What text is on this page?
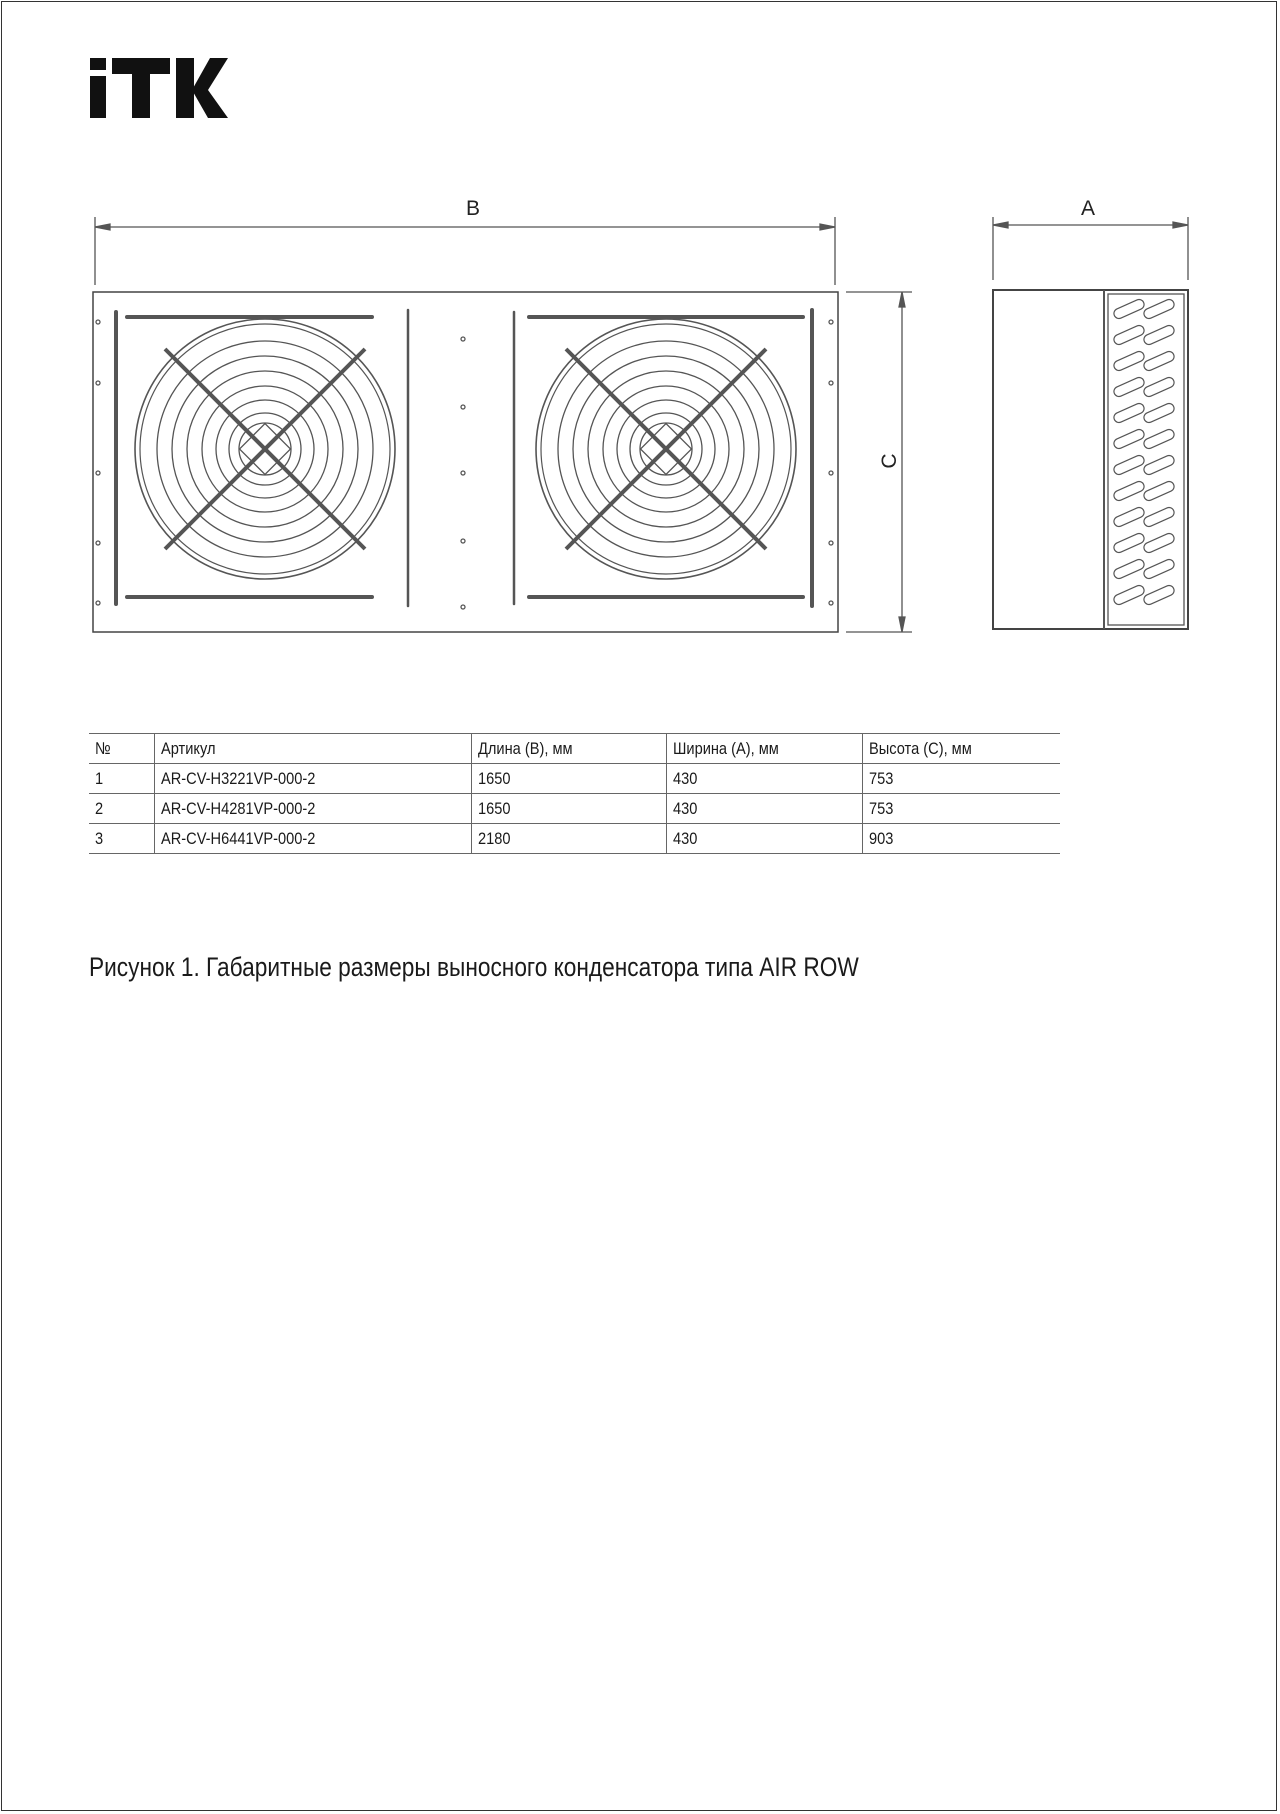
B	A
C
№	Артикул	Длина (B), мм	Ширина (A), мм	Высота (C), мм
1	AR-CV-H3221VP-000-2	1650	430	753
2	AR-CV-H4281VP-000-2	1650	430	753
3	AR-CV-H6441VP-000-2	2180	430	903
Рисунок 1. Габаритные размеры выносного конденсатора типа AIR ROW
